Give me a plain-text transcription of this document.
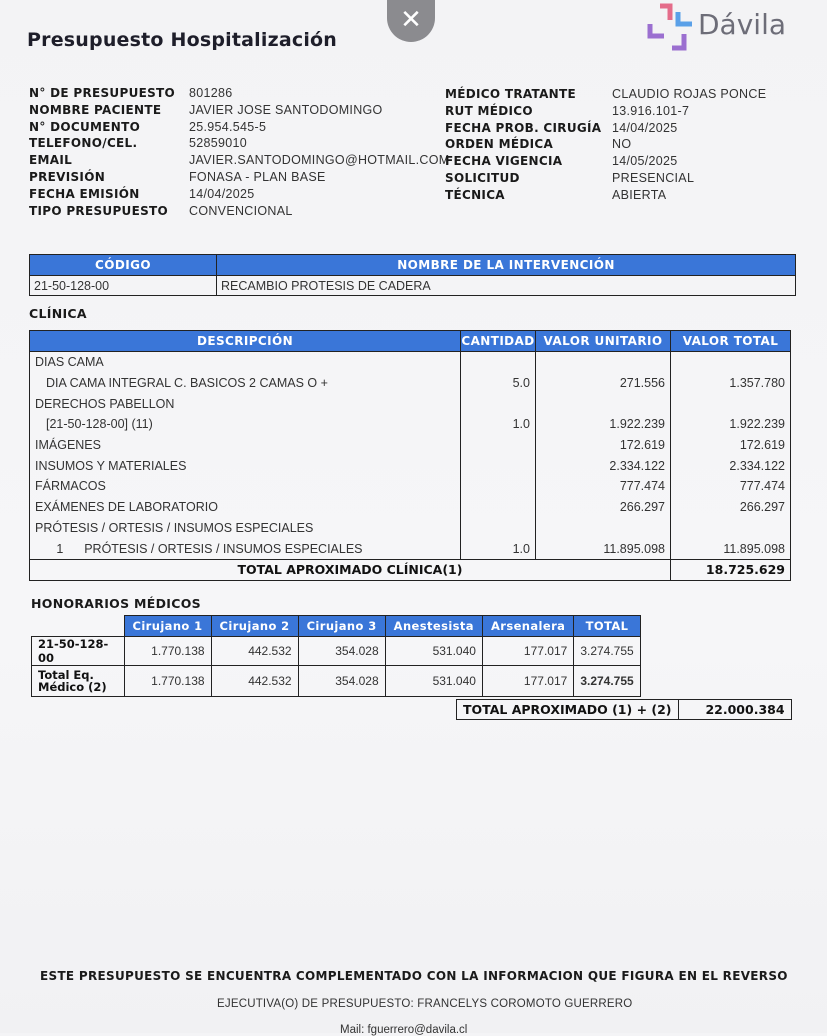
Presupuesto Hospitalización
✕	Dávila
N° DE PRESUPUESTO 801286
NOMBRE PACIENTE JAVIER JOSE SANTODOMINGO
N° DOCUMENTO	25.954.545-5
TELEFONO/CEL.	52859010
EMAIL	JAVIER.SANTODOMINGO@HOTMAIL.COM
PREVISIÓN	FONASA - PLAN BASE
FECHA EMISIÓN	14/04/2025
TIPO PRESUPUESTO CONVENCIONAL
MÉDICO TRATANTE	CLAUDIO ROJAS PONCE
RUT MÉDICO	13.916.101-7
FECHA PROB. CIRUGÍA 14/04/2025
ORDEN MÉDICA	NO
FECHA VIGENCIA	14/05/2025
SOLICITUD	PRESENCIAL
TÉCNICA	ABIERTA
CÓDIGO	NOMBRE DE LA INTERVENCIÓN
21-50-128-00	RECAMBIO PROTESIS DE CADERA
CLÍNICA
DESCRIPCIÓN	CANTIDAD	VALOR UNITARIO	VALOR TOTAL
DIAS CAMA			
DIA CAMA INTEGRAL C. BASICOS 2 CAMAS O +	5.0	271.556	1.357.780
DERECHOS PABELLON			
[21-50-128-00] (11)	1.0	1.922.239	1.922.239
IMÁGENES		172.619	172.619
INSUMOS Y MATERIALES		2.334.122	2.334.122
FÁRMACOS		777.474	777.474
EXÁMENES DE LABORATORIO		266.297	266.297
PRÓTESIS / ORTESIS / INSUMOS ESPECIALES			
1      PRÓTESIS / ORTESIS / INSUMOS ESPECIALES	1.0	11.895.098	11.895.098
TOTAL APROXIMADO CLÍNICA(1)			18.725.629
HONORARIOS MÉDICOS
	Cirujano 1	Cirujano 2	Cirujano 3	Anestesista	Arsenalera	TOTAL
21-50-128-00	1.770.138	442.532	354.028	531.040	177.017	3.274.755
Total Eq. Médico (2)	1.770.138	442.532	354.028	531.040	177.017	3.274.755
TOTAL APROXIMADO (1) + (2)	22.000.384
ESTE PRESUPUESTO SE ENCUENTRA COMPLEMENTADO CON LA INFORMACION QUE FIGURA EN EL REVERSO
EJECUTIVA(O) DE PRESUPUESTO: FRANCELYS COROMOTO GUERRERO
Mail: fguerrero@davila.cl
